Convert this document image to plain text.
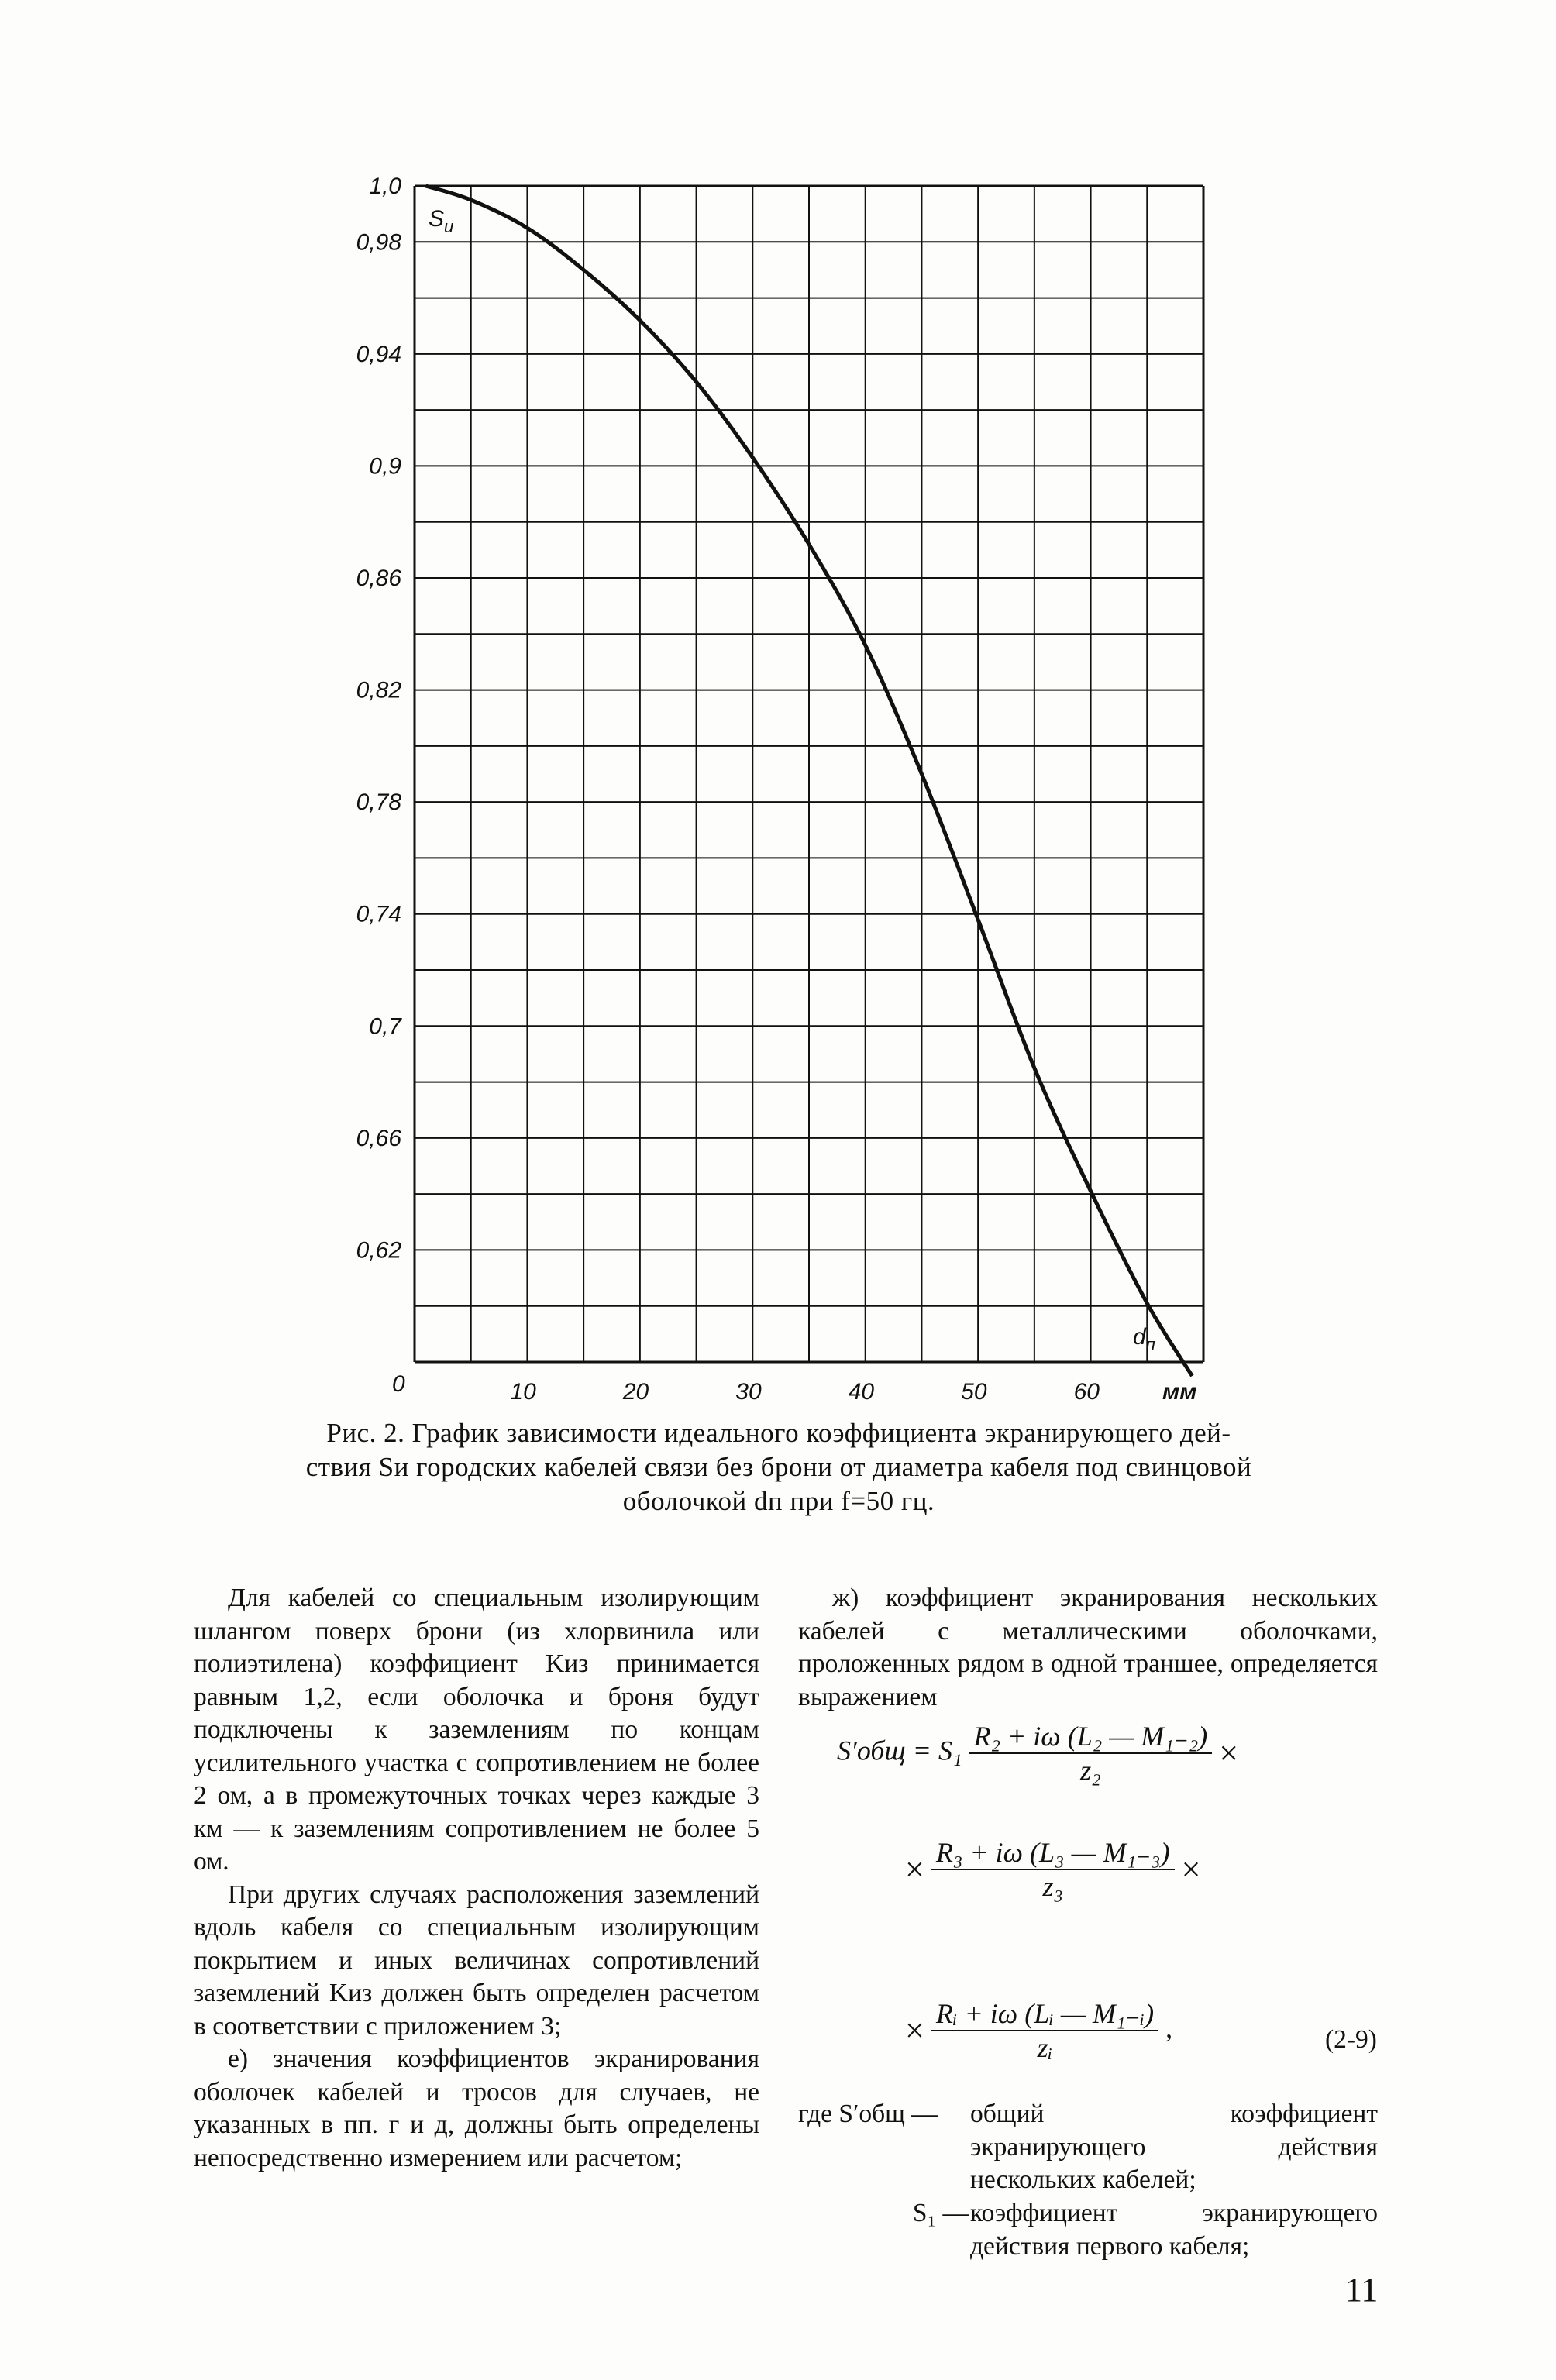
10	20	30	40	50	60
1,0
0,98
0,94
0,9
0,86
0,82
0,78
0,74
0,7
0,66
0,62
$S_и$
$d_п$
мм
0
Рис. 2. График зависимости идеального коэффициента экранирующего дей-
ствия Sи городских кабелей связи без брони от диаметра кабеля под свинцовой
оболочкой dп при f=50 гц.

Для кабелей со специальным изолирующим шлангом поверх брони (из хлорвинила или полиэтилена) коэффициент Kиз принимается равным 1,2, если оболочка и броня будут подключены к заземлениям по концам усилительного участка с сопротивлением не более 2 ом, а в промежуточных точках через каждые 3 км — к заземлениям сопротивлением не более 5 ом.

При других случаях расположения заземлений вдоль кабеля со специальным изолирующим покрытием и иных величинах сопротивлений заземлений Kиз должен быть определен расчетом в соответствии с приложением 3;

е) значения коэффициентов экранирования оболочек кабелей и тросов для случаев, не указанных в пп. г и д, должны быть определены непосредственно измерением или расчетом;

ж) коэффициент экранирования нескольких кабелей с металлическими оболочками, проложенных рядом в одной траншее, определяется выражением

$S'общ = S_1 \frac{\text{R₂ + iω (L₂ — M₁₋₂)}}{\text{z₂}}$ ×
× $\frac{\text{R₃ + iω (L₃ — M₁₋₃)}}{\text{z₃}}$ ×
× $\frac{\text{Rᵢ + iω (Lᵢ — M₁₋ᵢ)}}{\text{zᵢ}}$ ,	(2-9)
где S′общ —	общий коэффициент экранирующего действия нескольких кабелей;
S₁ — коэффициент экранирующего действия первого кабеля;
11
